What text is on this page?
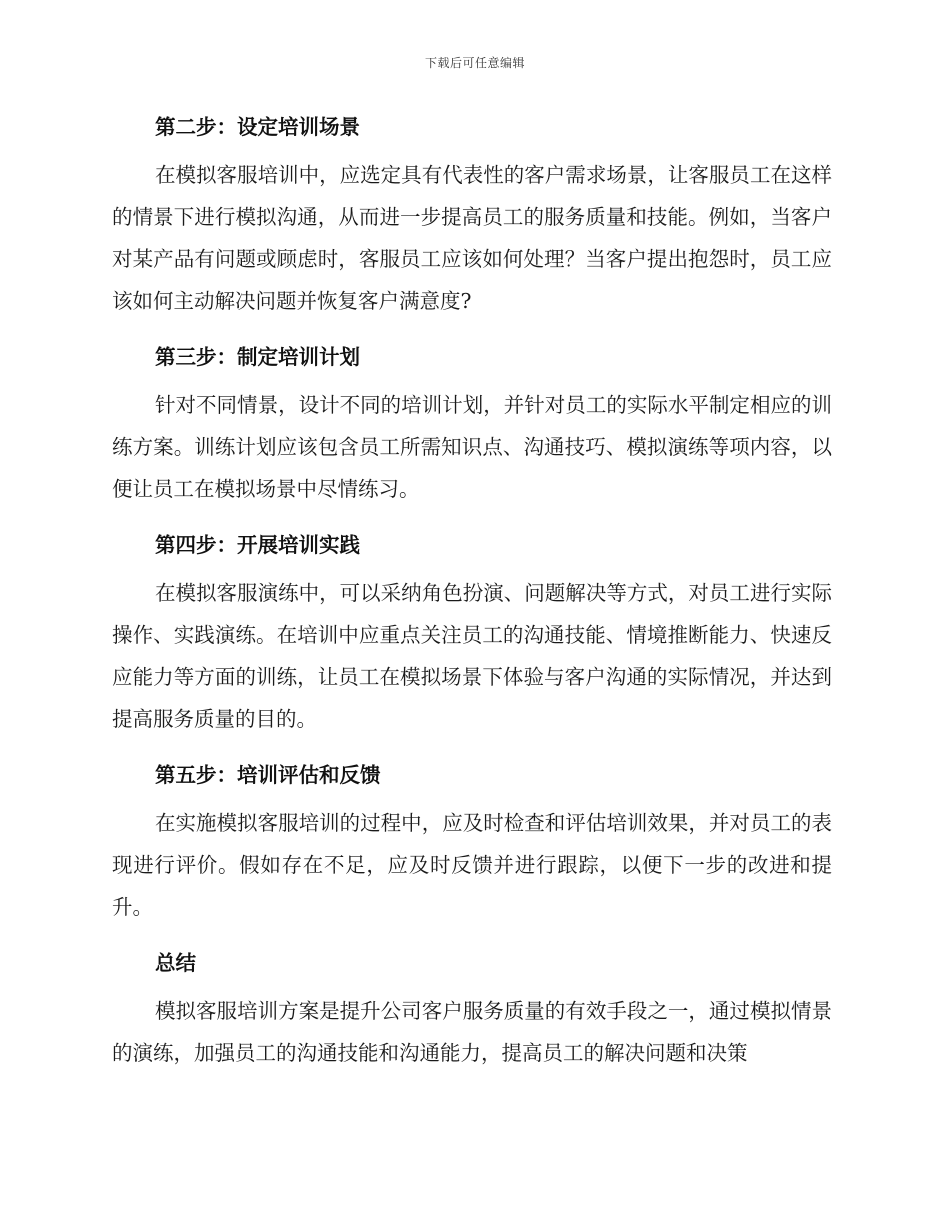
下载后可任意编辑
第二步：设定培训场景

在模拟客服培训中，应选定具有代表性的客户需求场景，让客服员工在这样的情景下进行模拟沟通，从而进一步提高员工的服务质量和技能。例如，当客户对某产品有问题或顾虑时，客服员工应该如何处理？当客户提出抱怨时，员工应该如何主动解决问题并恢复客户满意度?

第三步：制定培训计划

针对不同情景，设计不同的培训计划，并针对员工的实际水平制定相应的训练方案。训练计划应该包含员工所需知识点、沟通技巧、模拟演练等项内容，以便让员工在模拟场景中尽情练习。

第四步：开展培训实践

在模拟客服演练中，可以采纳角色扮演、问题解决等方式，对员工进行实际操作、实践演练。在培训中应重点关注员工的沟通技能、情境推断能力、快速反应能力等方面的训练，让员工在模拟场景下体验与客户沟通的实际情况，并达到提高服务质量的目的。

第五步：培训评估和反馈

在实施模拟客服培训的过程中，应及时检查和评估培训效果，并对员工的表现进行评价。假如存在不足，应及时反馈并进行跟踪，以便下一步的改进和提升。

总结

模拟客服培训方案是提升公司客户服务质量的有效手段之一，通过模拟情景的演练，加强员工的沟通技能和沟通能力，提高员工的解决问题和决策
